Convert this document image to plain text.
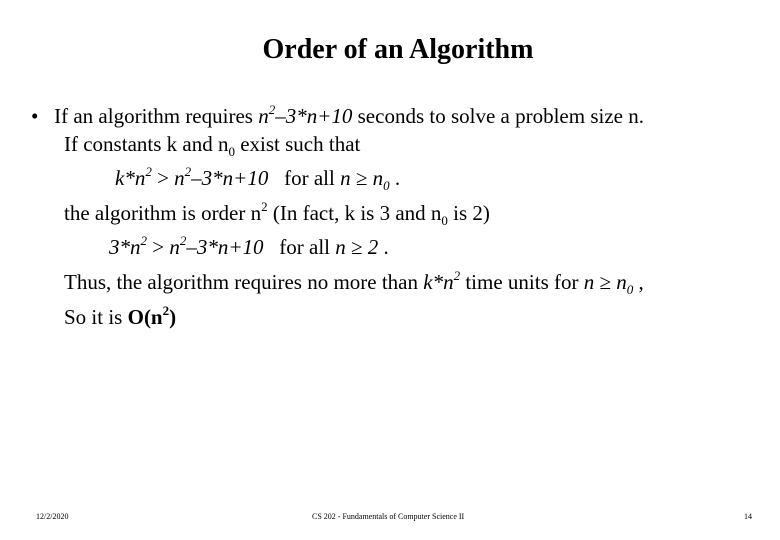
Order of an Algorithm
• If an algorithm requires $n^2-3*n+10$ seconds to solve a problem size n.
If constants k and $n_0$ exist such that
$k*n^2 > n^2-3*n+10$ for all $n \ge n_0$ .
the algorithm is order $n^2$ (In fact, k is 3 and $n_0$ is 2)
$3*n^2 > n^2-3*n+10$ for all n ≥ 2 .
Thus, the algorithm requires no more than $k*n^2$ time units for $n \ge n_0$ ,
So it is $O(n^2)$
12/2/2020	CS 202 - Fundamentals of Computer Science II	14
